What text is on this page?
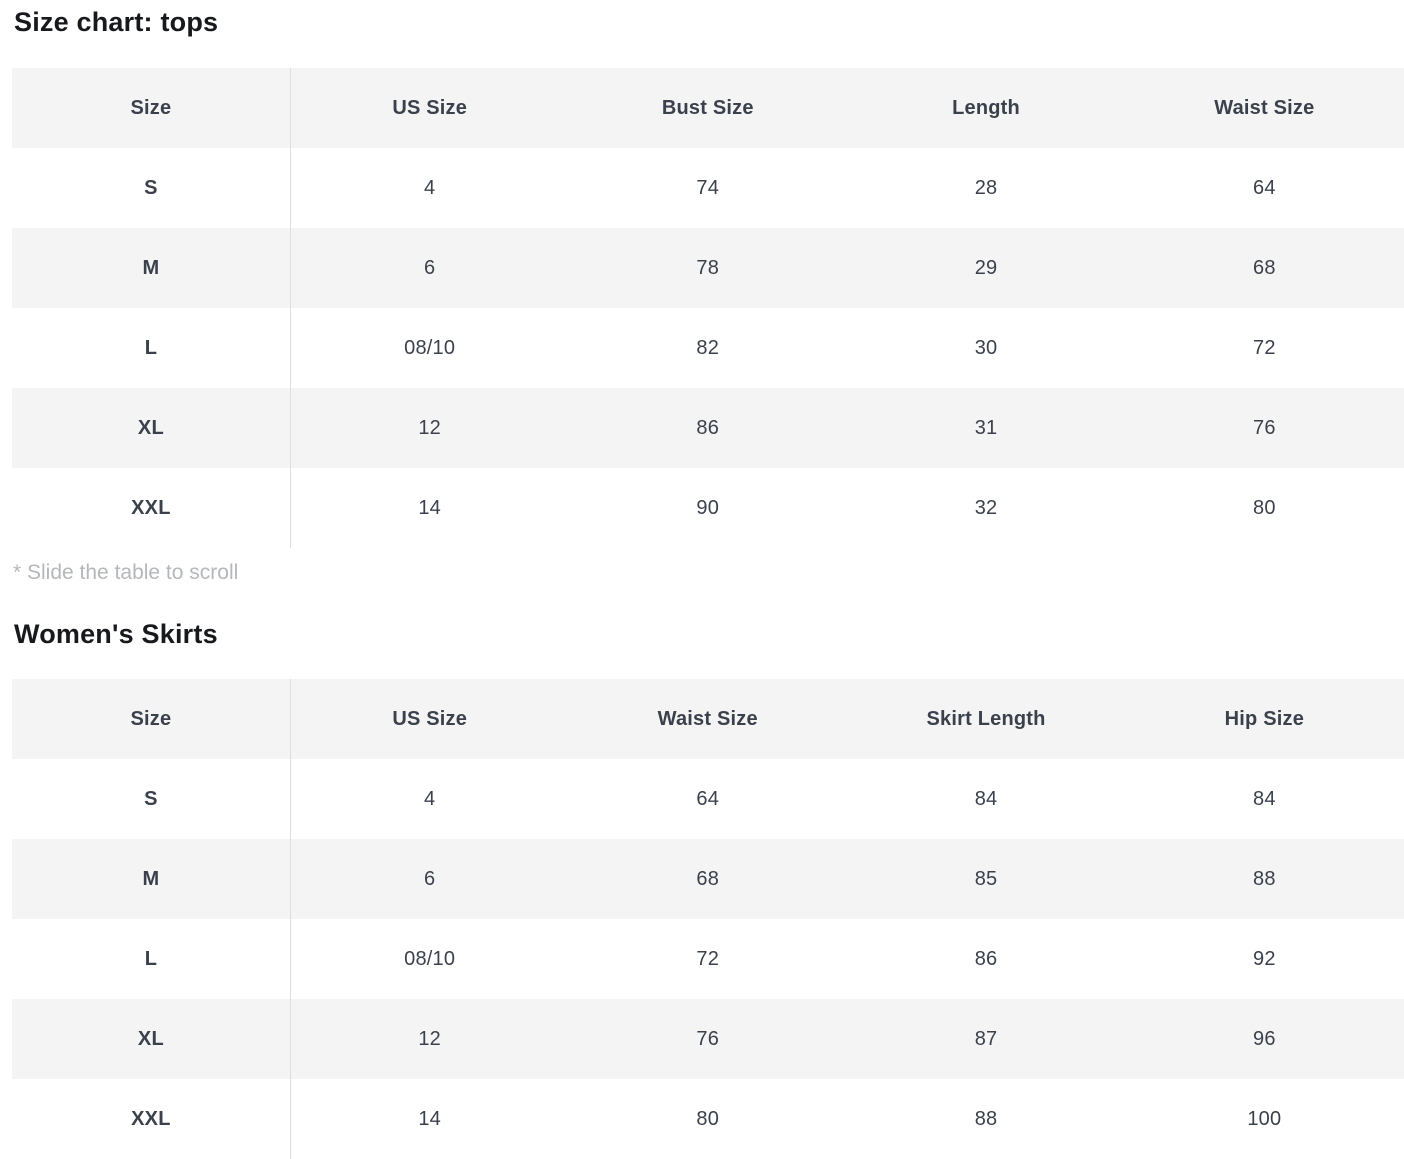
Size chart: tops
Size	US Size	Bust Size	Length	Waist Size
S	4	74	28	64
M	6	78	29	68
L	08/10	82	30	72
XL	12	86	31	76
XXL	14	90	32	80

* Slide the table to scroll

Women's Skirts
Size	US Size	Waist Size	Skirt Length	Hip Size
S	4	64	84	84
M	6	68	85	88
L	08/10	72	86	92
XL	12	76	87	96
XXL	14	80	88	100
